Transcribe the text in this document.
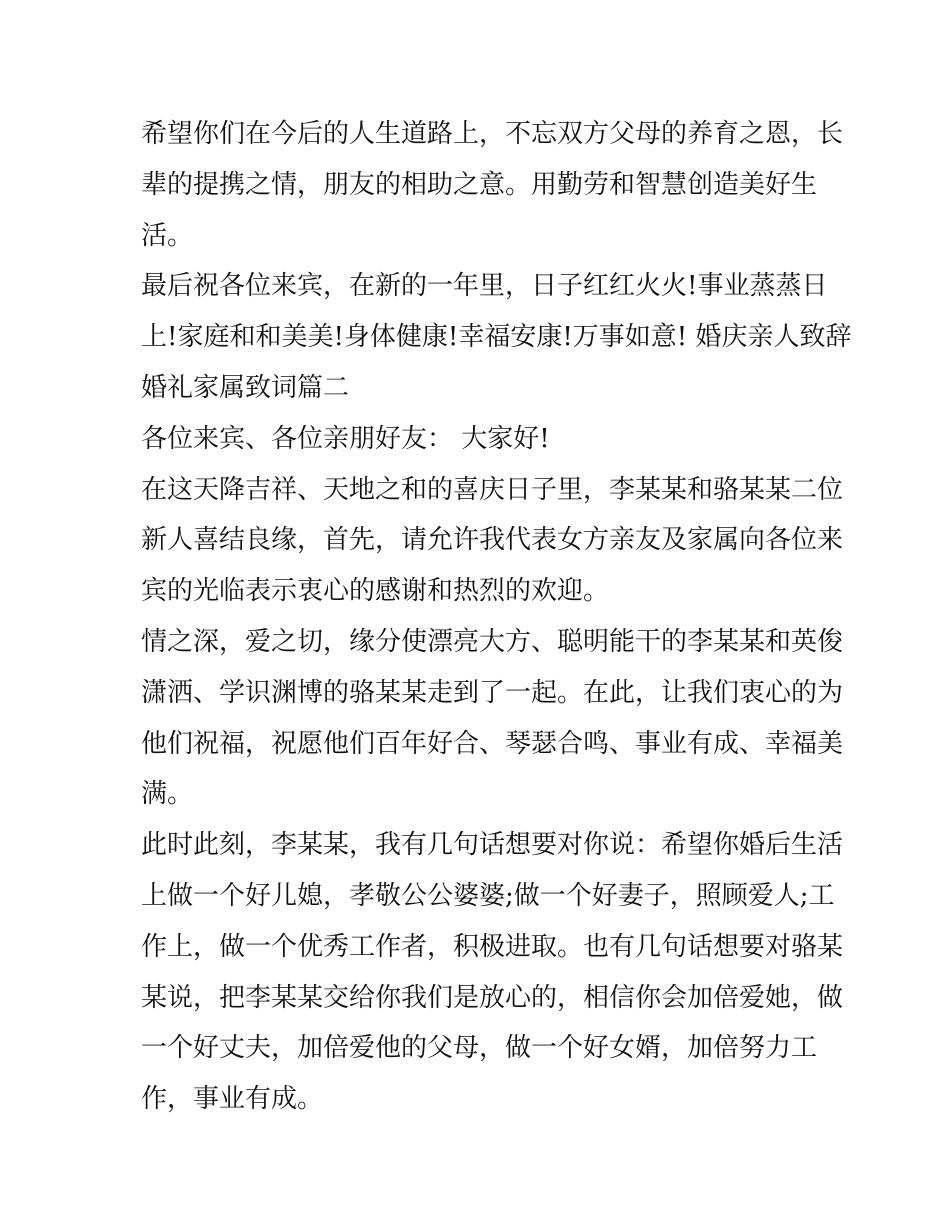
希望你们在今后的人生道路上，不忘双方父母的养育之恩，长
辈的提携之情，朋友的相助之意。用勤劳和智慧创造美好生
活。

最后祝各位来宾，在新的一年里，日子红红火火!事业蒸蒸日
上!家庭和和美美!身体健康!幸福安康!万事如意! 婚庆亲人致辞

婚礼家属致词篇二

各位来宾、各位亲朋好友： 大家好!

在这天降吉祥、天地之和的喜庆日子里，李某某和骆某某二位
新人喜结良缘，首先，请允许我代表女方亲友及家属向各位来
宾的光临表示衷心的感谢和热烈的欢迎。

情之深，爱之切，缘分使漂亮大方、聪明能干的李某某和英俊
潇洒、学识渊博的骆某某走到了一起。在此，让我们衷心的为
他们祝福，祝愿他们百年好合、琴瑟合鸣、事业有成、幸福美
满。

此时此刻，李某某，我有几句话想要对你说：希望你婚后生活
上做一个好儿媳，孝敬公公婆婆;做一个好妻子，照顾爱人;工
作上，做一个优秀工作者，积极进取。也有几句话想要对骆某
某说，把李某某交给你我们是放心的，相信你会加倍爱她，做
一个好丈夫，加倍爱他的父母，做一个好女婿，加倍努力工
作，事业有成。
